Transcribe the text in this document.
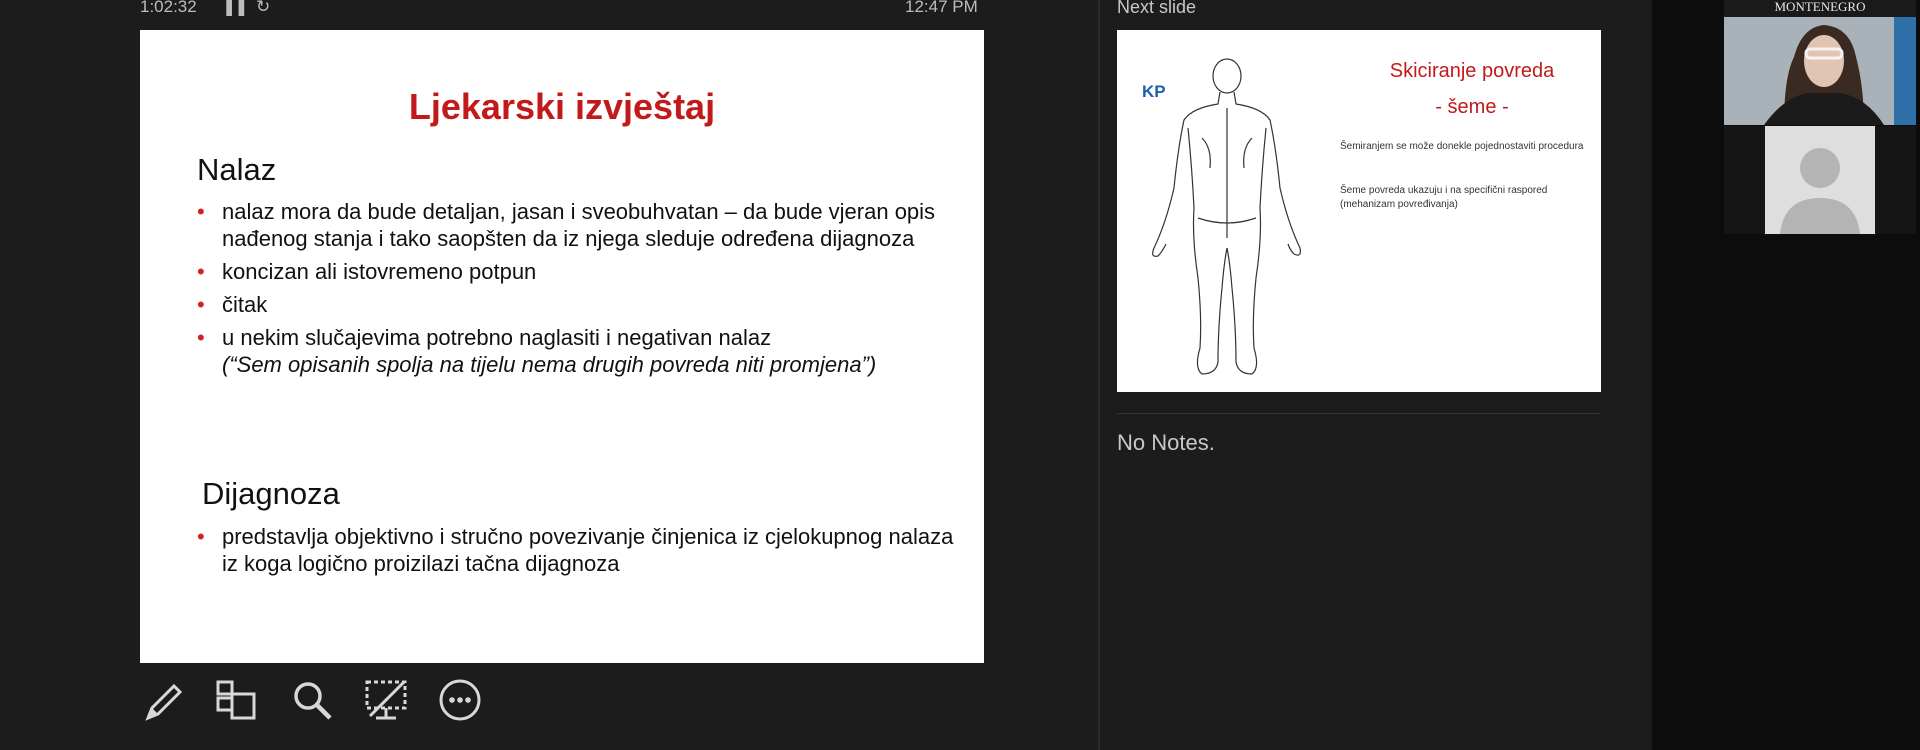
1:02:32 ❚❚ ↻	12:47 PM
Ljekarski izvještaj
Nalaz
• nalaz mora da bude detaljan, jasan i sveobuhvatan – da bude vjeran opis nađenog stanja i tako saopšten da iz njega sleduje određena dijagnoza
• koncizan ali istovremeno potpun
• čitak
• u nekim slučajevima potrebno naglasiti i negativan nalaz
(“Sem opisanih spolja na tijelu nema drugih povreda niti promjena”)
Dijagnoza
• predstavlja objektivno i stručno povezivanje činjenica iz cjelokupnog nalaza iz koga logično proizilazi tačna dijagnoza
Next slide
KP
Skiciranje povreda
- šeme -
Šemiranjem se može donekle pojednostaviti procedura
Šeme povreda ukazuju i na specifični raspored (mehanizam povređivanja)
No Notes.
MONTENEGRO
